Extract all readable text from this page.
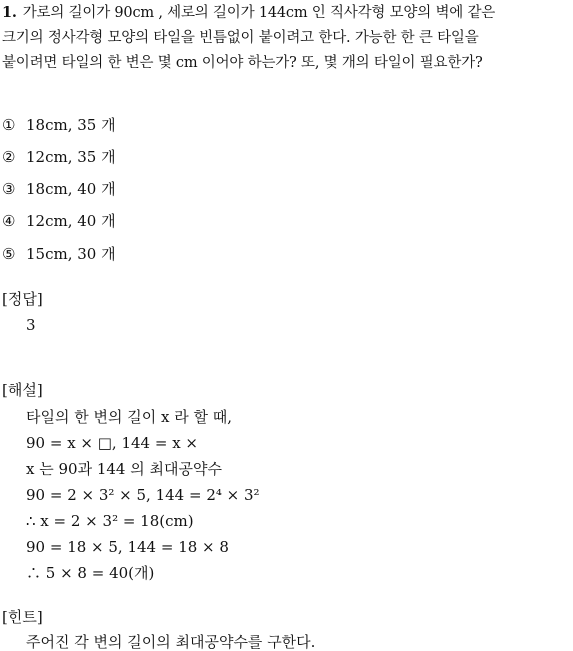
1. 가로의 길이가 90cm , 세로의 길이가 144cm 인 직사각형 모양의 벽에 같은
크기의 정사각형 모양의 타일을 빈틈없이 붙이려고 한다. 가능한 한 큰 타일을
붙이려면 타일의 한 변은 몇 cm 이어야 하는가? 또, 몇 개의 타일이 필요한가?
① 18cm, 35 개
② 12cm, 35 개
③ 18cm, 40 개
④ 12cm, 40 개
⑤ 15cm, 30 개
[정답]
3
[해설]
타일의 한 변의 길이 x 라 할 때,
90 = x × □, 144 = x ×
x 는 90과 144 의 최대공약수
90 = 2 × 3² × 5, 144 = 2⁴ × 3²
∴ x = 2 × 3² = 18(cm)
90 = 18 × 5, 144 = 18 × 8
∴ 5 × 8 = 40(개)
[힌트]
주어진 각 변의 길이의 최대공약수를 구한다.
